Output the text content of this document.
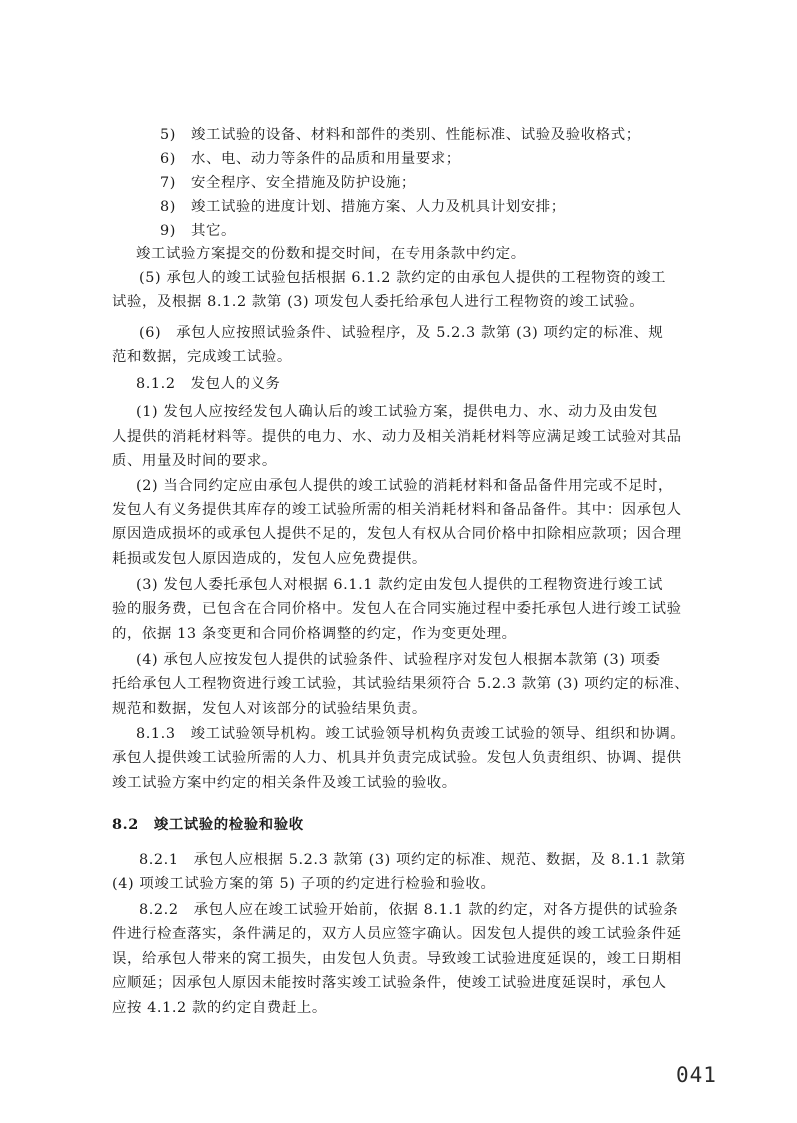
5)　竣工试验的设备、材料和部件的类别、性能标准、试验及验收格式；
6)　水、电、动力等条件的品质和用量要求；
7)　安全程序、安全措施及防护设施；
8)　竣工试验的进度计划、措施方案、人力及机具计划安排；
9)　其它。
竣工试验方案提交的份数和提交时间，在专用条款中约定。
(5) 承包人的竣工试验包括根据 6.1.2 款约定的由承包人提供的工程物资的竣工
试验，及根据 8.1.2 款第 (3) 项发包人委托给承包人进行工程物资的竣工试验。
(6)　承包人应按照试验条件、试验程序，及 5.2.3 款第 (3) 项约定的标准、规
范和数据，完成竣工试验。
8.1.2　发包人的义务
(1) 发包人应按经发包人确认后的竣工试验方案，提供电力、水、动力及由发包
人提供的消耗材料等。提供的电力、水、动力及相关消耗材料等应满足竣工试验对其品
质、用量及时间的要求。
(2) 当合同约定应由承包人提供的竣工试验的消耗材料和备品备件用完或不足时，
发包人有义务提供其库存的竣工试验所需的相关消耗材料和备品备件。其中：因承包人
原因造成损坏的或承包人提供不足的，发包人有权从合同价格中扣除相应款项；因合理
耗损或发包人原因造成的，发包人应免费提供。
(3) 发包人委托承包人对根据 6.1.1 款约定由发包人提供的工程物资进行竣工试
验的服务费，已包含在合同价格中。发包人在合同实施过程中委托承包人进行竣工试验
的，依据 13 条变更和合同价格调整的约定，作为变更处理。
(4) 承包人应按发包人提供的试验条件、试验程序对发包人根据本款第 (3) 项委
托给承包人工程物资进行竣工试验，其试验结果须符合 5.2.3 款第 (3) 项约定的标准、
规范和数据，发包人对该部分的试验结果负责。
8.1.3　竣工试验领导机构。竣工试验领导机构负责竣工试验的领导、组织和协调。
承包人提供竣工试验所需的人力、机具并负责完成试验。发包人负责组织、协调、提供
竣工试验方案中约定的相关条件及竣工试验的验收。
8.2　竣工试验的检验和验收
8.2.1　承包人应根据 5.2.3 款第 (3) 项约定的标准、规范、数据，及 8.1.1 款第
(4) 项竣工试验方案的第 5) 子项的约定进行检验和验收。
8.2.2　承包人应在竣工试验开始前，依据 8.1.1 款的约定，对各方提供的试验条
件进行检查落实，条件满足的，双方人员应签字确认。因发包人提供的竣工试验条件延
误，给承包人带来的窝工损失，由发包人负责。导致竣工试验进度延误的，竣工日期相
应顺延；因承包人原因未能按时落实竣工试验条件，使竣工试验进度延误时，承包人
应按 4.1.2 款的约定自费赶上。
041
